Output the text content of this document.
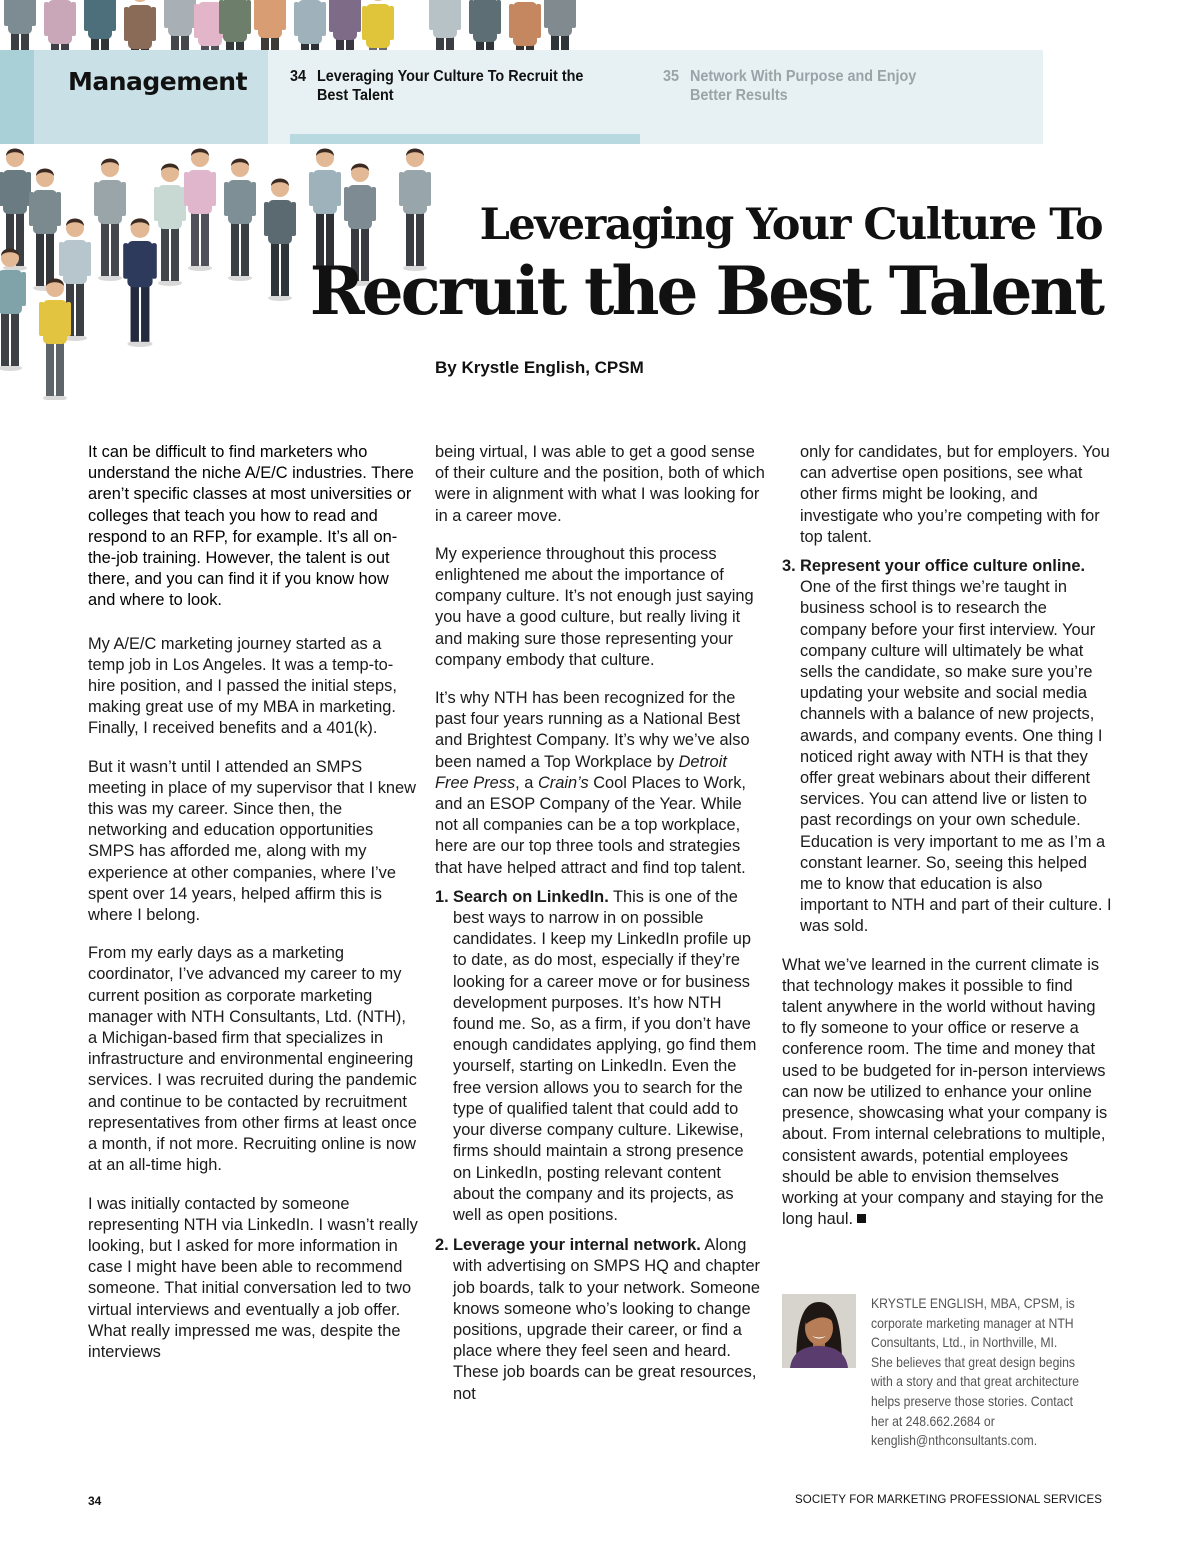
Management	34 Leveraging Your Culture To Recruit the Best Talent
35 Network With Purpose and Enjoy Better Results
Leveraging Your Culture To
Recruit the Best Talent
By Krystle English, CPSM

It can be difficult to find marketers who understand the niche A/E/C industries. There aren’t specific classes at most universities or colleges that teach you how to read and respond to an RFP, for example. It’s all on-the-job training. However, the talent is out there, and you can find it if you know how and where to look.

My A/E/C marketing journey started as a temp job in Los Angeles. It was a temp-to-hire position, and I passed the initial steps, making great use of my MBA in marketing. Finally, I received benefits and a 401(k).

But it wasn’t until I attended an SMPS meeting in place of my supervisor that I knew this was my career. Since then, the networking and education opportunities SMPS has afforded me, along with my experience at other companies, where I’ve spent over 14 years, helped affirm this is where I belong.

From my early days as a marketing coordinator, I’ve advanced my career to my current position as corporate marketing manager with NTH Consultants, Ltd. (NTH), a Michigan-based firm that specializes in infrastructure and environmental engineering services. I was recruited during the pandemic and continue to be contacted by recruitment representatives from other firms at least once a month, if not more. Recruiting online is now at an all-time high.

I was initially contacted by someone representing NTH via LinkedIn. I wasn’t really looking, but I asked for more information in case I might have been able to recommend someone. That initial conversation led to two virtual interviews and eventually a job offer. What really impressed me was, despite the interviews

being virtual, I was able to get a good sense of their culture and the position, both of which were in alignment with what I was looking for in a career move.

My experience throughout this process enlightened me about the importance of company culture. It’s not enough just saying you have a good culture, but really living it and making sure those representing your company embody that culture.

It’s why NTH has been recognized for the past four years running as a National Best and Brightest Company. It’s why we’ve also been named a Top Workplace by Detroit Free Press, a Crain’s Cool Places to Work, and an ESOP Company of the Year. While not all companies can be a top workplace, here are our top three tools and strategies that have helped attract and find top talent.

1. Search on LinkedIn. This is one of the best ways to narrow in on possible candidates. I keep my LinkedIn profile up to date, as do most, especially if they’re looking for a career move or for business development purposes. It’s how NTH found me. So, as a firm, if you don’t have enough candidates applying, go find them yourself, starting on LinkedIn. Even the free version allows you to search for the type of qualified talent that could add to your diverse company culture. Likewise, firms should maintain a strong presence on LinkedIn, posting relevant content about the company and its projects, as well as open positions.
2. Leverage your internal network. Along with advertising on SMPS HQ and chapter job boards, talk to your network. Someone knows someone who’s looking to change positions, upgrade their career, or find a place where they feel seen and heard. These job boards can be great resources, not

only for candidates, but for employers. You can advertise open positions, see what other firms might be looking, and investigate who you’re competing with for top talent.

3. Represent your office culture online. One of the first things we’re taught in business school is to research the company before your first interview. Your company culture will ultimately be what sells the candidate, so make sure you’re updating your website and social media channels with a balance of new projects, awards, and company events. One thing I noticed right away with NTH is that they offer great webinars about their different services. You can attend live or listen to past recordings on your own schedule. Education is very important to me as I’m a constant learner. So, seeing this helped me to know that education is also important to NTH and part of their culture. I was sold.

What we’ve learned in the current climate is that technology makes it possible to find talent anywhere in the world without having to fly someone to your office or reserve a conference room. The time and money that used to be budgeted for in-person interviews can now be utilized to enhance your online presence, showcasing what your company is about. From internal celebrations to multiple, consistent awards, potential employees should be able to envision themselves working at your company and staying for the long haul.

KRYSTLE ENGLISH, MBA, CPSM, is corporate marketing manager at NTH Consultants, Ltd., in Northville, MI. She believes that great design begins with a story and that great architecture helps preserve those stories. Contact her at 248.662.2684 or kenglish@nthconsultants.com.
34	SOCIETY FOR MARKETING PROFESSIONAL SERVICES
